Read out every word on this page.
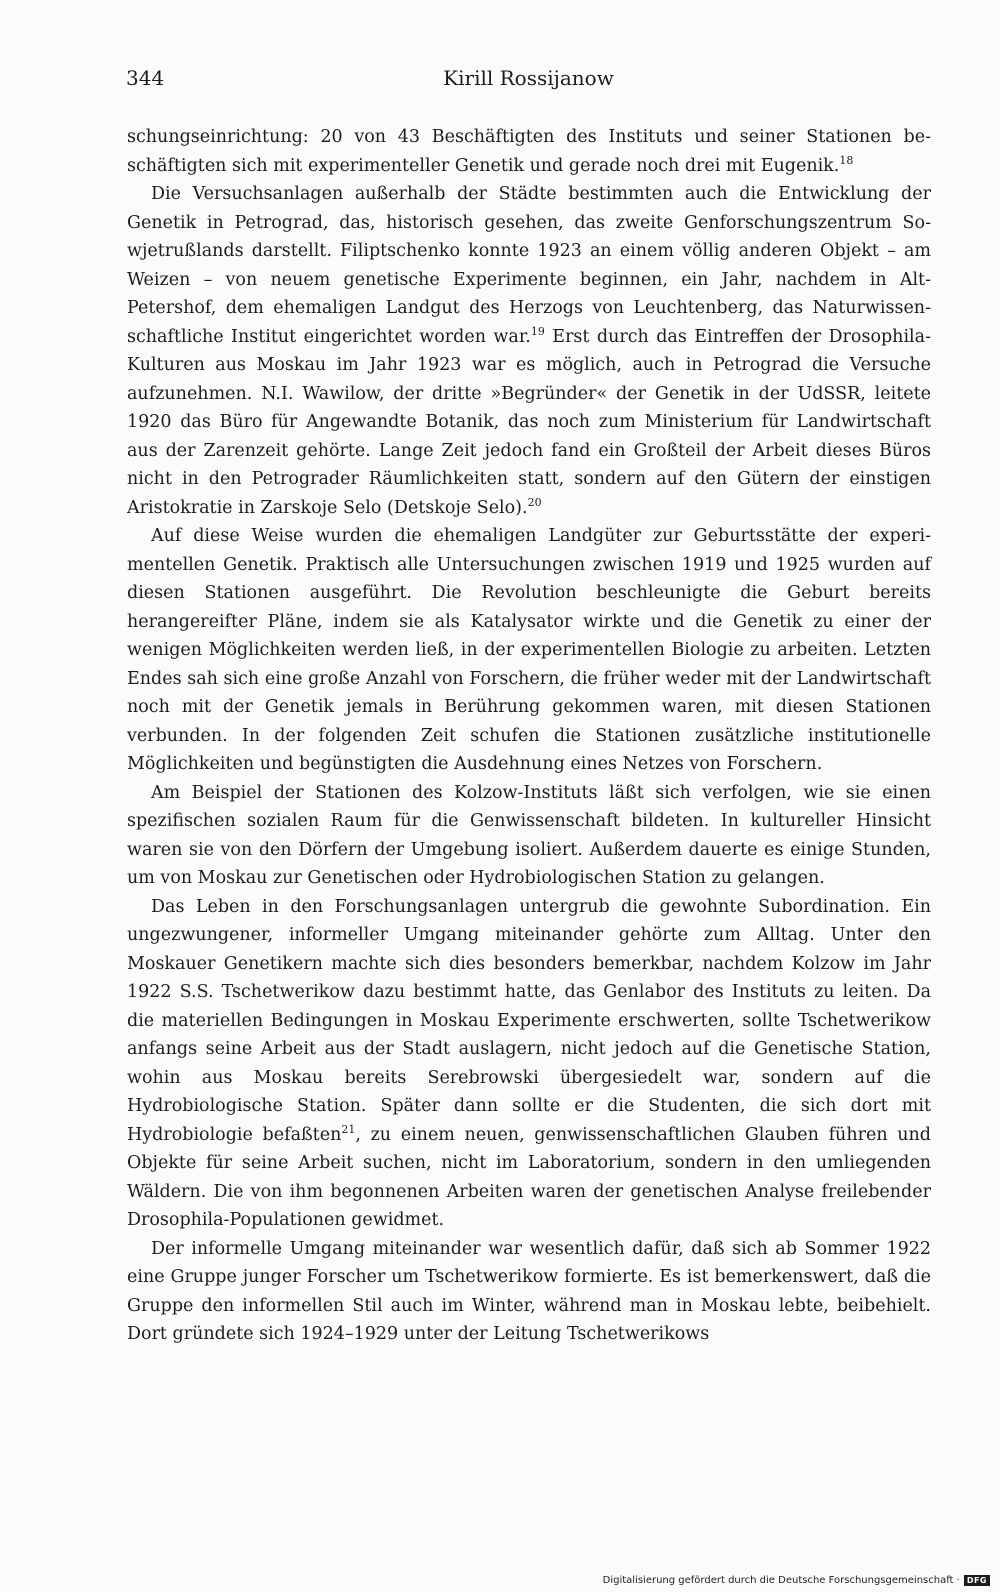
344	Kirill Rossijanow

schungseinrichtung: 20 von 43 Beschäftigten des Instituts und seiner Stationen beschäftigten sich mit experimenteller Genetik und gerade noch drei mit Eugenik.$^{18}$

Die Versuchsanlagen außerhalb der Städte bestimmten auch die Entwicklung der Genetik in Petrograd, das, historisch gesehen, das zweite Genforschungszentrum Sowjetrußlands darstellt. Filiptschenko konnte 1923 an einem völlig anderen Objekt – am Weizen – von neuem genetische Experimente beginnen, ein Jahr, nachdem in Alt-Petershof, dem ehemaligen Landgut des Herzogs von Leuchtenberg, das Naturwissenschaftliche Institut eingerichtet worden war.$^{19}$ Erst durch das Eintreffen der Drosophila-Kulturen aus Moskau im Jahr 1923 war es möglich, auch in Petrograd die Versuche aufzunehmen. N.I. Wawilow, der dritte »Begründer« der Genetik in der UdSSR, leitete 1920 das Büro für Angewandte Botanik, das noch zum Ministerium für Landwirtschaft aus der Zarenzeit gehörte. Lange Zeit jedoch fand ein Großteil der Arbeit dieses Büros nicht in den Petrograder Räumlichkeiten statt, sondern auf den Gütern der einstigen Aristokratie in Zarskoje Selo (Detskoje Selo).$^{20}$

Auf diese Weise wurden die ehemaligen Landgüter zur Geburtsstätte der experimentellen Genetik. Praktisch alle Untersuchungen zwischen 1919 und 1925 wurden auf diesen Stationen ausgeführt. Die Revolution beschleunigte die Geburt bereits herangereifter Pläne, indem sie als Katalysator wirkte und die Genetik zu einer der wenigen Möglichkeiten werden ließ, in der experimentellen Biologie zu arbeiten. Letzten Endes sah sich eine große Anzahl von Forschern, die früher weder mit der Landwirtschaft noch mit der Genetik jemals in Berührung gekommen waren, mit diesen Stationen verbunden. In der folgenden Zeit schufen die Stationen zusätzliche institutionelle Möglichkeiten und begünstigten die Ausdehnung eines Netzes von Forschern.

Am Beispiel der Stationen des Kolzow-Instituts läßt sich verfolgen, wie sie einen spezifischen sozialen Raum für die Genwissenschaft bildeten. In kultureller Hinsicht waren sie von den Dörfern der Umgebung isoliert. Außerdem dauerte es einige Stunden, um von Moskau zur Genetischen oder Hydrobiologischen Station zu gelangen.

Das Leben in den Forschungsanlagen untergrub die gewohnte Subordination. Ein ungezwungener, informeller Umgang miteinander gehörte zum Alltag. Unter den Moskauer Genetikern machte sich dies besonders bemerkbar, nachdem Kolzow im Jahr 1922 S.S. Tschetwerikow dazu bestimmt hatte, das Genlabor des Instituts zu leiten. Da die materiellen Bedingungen in Moskau Experimente erschwerten, sollte Tschetwerikow anfangs seine Arbeit aus der Stadt auslagern, nicht jedoch auf die Genetische Station, wohin aus Moskau bereits Serebrowski übergesiedelt war, sondern auf die Hydrobiologische Station. Später dann sollte er die Studenten, die sich dort mit Hydrobiologie befaßten$^{21}$, zu einem neuen, genwissenschaftlichen Glauben führen und Objekte für seine Arbeit suchen, nicht im Laboratorium, sondern in den umliegenden Wäldern. Die von ihm begonnenen Arbeiten waren der genetischen Analyse freilebender Drosophila-Populationen gewidmet.

Der informelle Umgang miteinander war wesentlich dafür, daß sich ab Sommer 1922 eine Gruppe junger Forscher um Tschetwerikow formierte. Es ist bemerkenswert, daß die Gruppe den informellen Stil auch im Winter, während man in Moskau lebte, beibehielt. Dort gründete sich 1924–1929 unter der Leitung Tschetwerikows

Digitalisierung gefördert durch die Deutsche Forschungsgemeinschaft · DFG
